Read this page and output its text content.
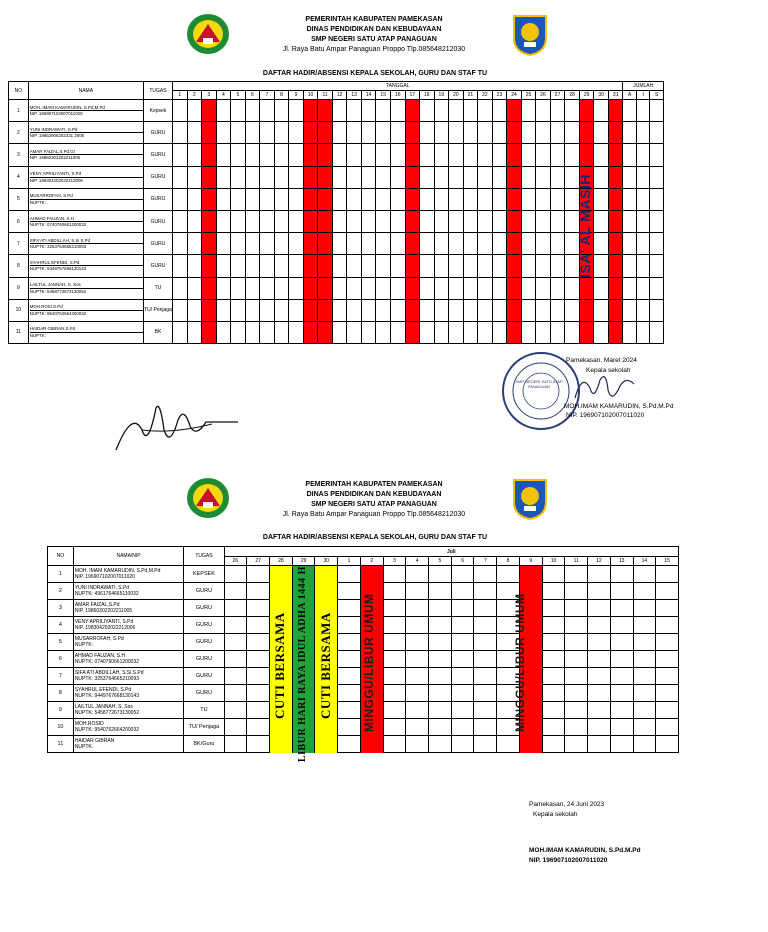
PEMERINTAH KABUPATEN PAMEKASAN
DINAS PENDIDIKAN DAN KEBUDAYAAN
SMP NEGERI SATU ATAP PANAGUAN
Jl. Raya Batu Ampar Panaguan Proppo Tlp.085648212030
DAFTAR HADIR/ABSENSI KEPALA SEKOLAH, GURU DAN STAF TU
NO	NAMA	TUGAS	TANGGAL																															JUMLAH		
			1	2	3	4	5	6	7	8	9	10	11	12	13	14	15	16	17	18	19	20	21	22	23	24	25	26	27	28	29	30	31	A	I	S
1	MOH. IMAM KAMARUDIN, S.Pd,M.Pd
NIP. 196907102007011020	Kepsek																																		
2	YUNI INDRAWATI, S.Pd
NIP. 19862906202331 2005	GURU																																		
3	AMAR FAIZAL,S.Pd,Gr
NIP. 19860302202211005	GURU																																		
4	VENY APRILIYANTI, S.Pd
NIP. 198304202022212006	GURU																																		
5	MUSARROFAH, S.Pd
NUPTK:	GURU																																		
6	AHMAD FAUZAN, S.H
NUPTK: 0740760661200032	GURU																																		
7	SIFA'ATI ABDILLAH, S.Si S.Pd
NUPTK: 3253764665210093	GURU																																		
8	SYAHRUL EFENDI, S.Pd
NUPTK: 9449767668130143	GURU																																		
9	LAILTUL JANNAH, S. Sos
NUPTK: 5458772673130052	TU																																		
10	MOH.ROSI,S.Pd
NUPTK: 9540762664200032	TU/ Penjaga																																		
11	HAIDAR GIBRAN,S.Pd
NUPTK:	BK																																		
ISA' AL MASIH
SMP NEGERI SATU ATAP PANAGUAN
Pamekasan, Maret 2024
Kepala sekolah
MOH.IMAM KAMARUDIN, S.Pd,M.Pd
NIP. 196907102007011020
PEMERINTAH KABUPATEN PAMEKASAN
DINAS PENDIDIKAN DAN KEBUDAYAAN
SMP NEGERI SATU ATAP PANAGUAN
Jl. Raya Batu Ampar Panaguan Proppo Tlp.085648212030
DAFTAR HADIR/ABSENSI KEPALA SEKOLAH, GURU DAN STAF TU
NO	NAMA/NIP	TUGAS	Juli																			
			26	27	28	29	30	1	2	3	4	5	6	7	8	9	10	11	12	13	14	15
1	MOH. IMAM KAMARUDIN, S.Pd,M.Pd
NIP. 196907102007011020	KEPSEK																				
2	YUNI INDRAWATI, S.Pd
NUPTK: 4961764665110032	GURU																				
3	AMAR FAIZAL,S.Pd
NIP. 19860302202211005	GURU																				
4	VENY APRILIYANTI, S.Pd
NIP. 198304202022212006	GURU																				
5	MUSARROFAH, S.Pd
NUPTK:	GURU																				
6	AHMAD FAUZAN, S.H
NUPTK: 0740760661200032	GURU																				
7	SIFA'ATI ABDILLAH, S.Si S.Pd
NUPTK: 3253764665210093	GURU																				
8	SYAHRUL EFENDI, S.Pd
NUPTK: 9449767668130143	GURU																				
9	LAILTUL JANNAH, S. Sos
NUPTK: 5458772673130052	TU																				
10	MOH.ROSID
NUPTK: 9540762664200032	TU/ Penjaga																				
11	HAIDAR GIBRAN
NUPTK.	BK/Guru																				
CUTI BERSAMA LIBUR HARI RAYA IDUL ADHA 1444 H CUTI BERSAMA MINGGU/LIBUR UMUM	MINGGU/LIBUR UMUM
Pamekasan, 24 Juni 2023
Kepala sekolah
MOH.IMAM KAMARUDIN, S.Pd.M.Pd
NIP. 196907102007011020
